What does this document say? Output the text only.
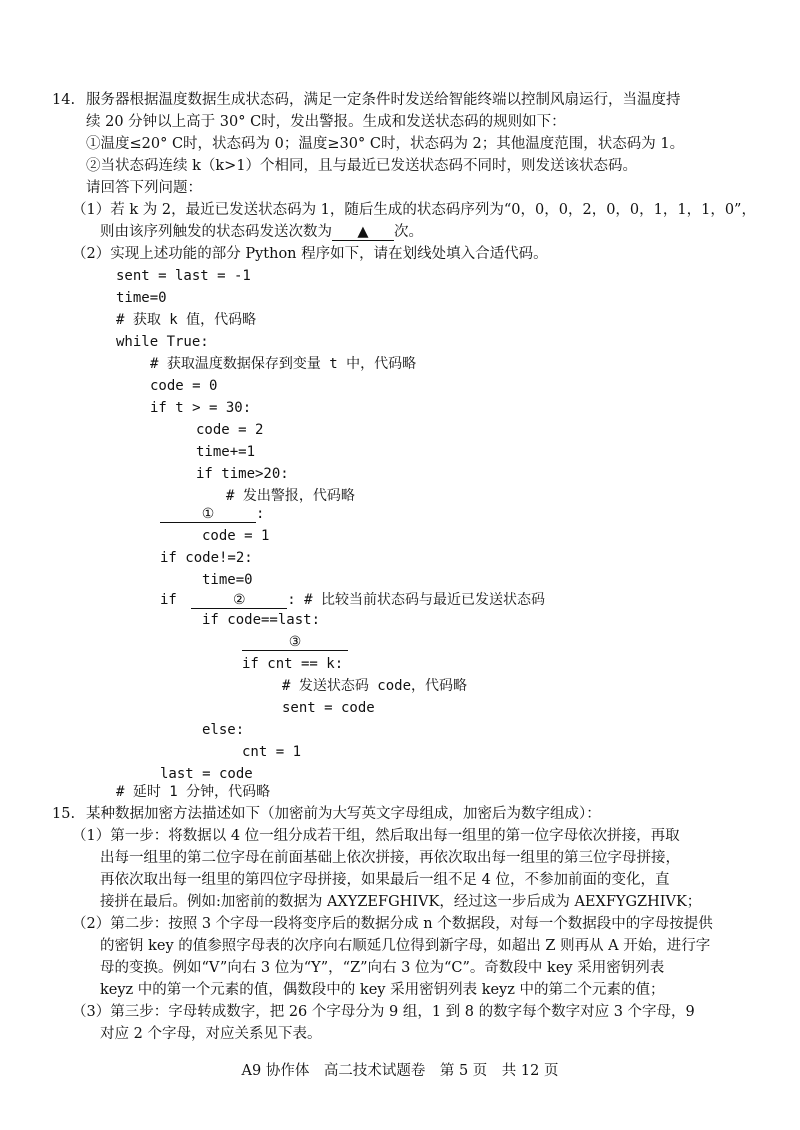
14. 服务器根据温度数据生成状态码，满足一定条件时发送给智能终端以控制风扇运行，当温度持
续 20 分钟以上高于 30° C时，发出警报。生成和发送状态码的规则如下：
①温度≤20° C时，状态码为 0；温度≥30° C时，状态码为 2；其他温度范围，状态码为 1。
②当状态码连续 k（k>1）个相同，且与最近已发送状态码不同时，则发送该状态码。
请回答下列问题：
（1）若 k 为 2，最近已发送状态码为 1，随后生成的状态码序列为“0，0，0，2，0，0，1，1，1，0”，
则由该序列触发的状态码发送次数为 ▲ 次。
（2）实现上述功能的部分 Python 程序如下，请在划线处填入合适代码。
sent = last = -1
time=0
# 获取 k 值，代码略
while True:
# 获取温度数据保存到变量 t 中，代码略
code = 0
if t > = 30:
code = 2
time+=1
if time>20:
# 发出警报，代码略
①	:
code = 1
if code!=2:
time=0
if	②	: # 比较当前状态码与最近已发送状态码
if code==last:
③
if cnt == k:
# 发送状态码 code，代码略
sent = code
else:
cnt = 1
last = code
# 延时 1 分钟，代码略
15. 某种数据加密方法描述如下（加密前为大写英文字母组成，加密后为数字组成）：
（1）第一步：将数据以 4 位一组分成若干组，然后取出每一组里的第一位字母依次拼接，再取
出每一组里的第二位字母在前面基础上依次拼接，再依次取出每一组里的第三位字母拼接，
再依次取出每一组里的第四位字母拼接，如果最后一组不足 4 位，不参加前面的变化，直
接拼在最后。例如:加密前的数据为 AXYZEFGHIVK，经过这一步后成为 AEXFYGZHIVK；
（2）第二步：按照 3 个字母一段将变序后的数据分成 n 个数据段，对每一个数据段中的字母按提供
的密钥 key 的值参照字母表的次序向右顺延几位得到新字母，如超出 Z 则再从 A 开始，进行字
母的变换。例如“V”向右 3 位为“Y”，“Z”向右 3 位为“C”。奇数段中 key 采用密钥列表
keyz 中的第一个元素的值，偶数段中的 key 采用密钥列表 keyz 中的第二个元素的值；
（3）第三步：字母转成数字，把 26 个字母分为 9 组，1 到 8 的数字每个数字对应 3 个字母，9
对应 2 个字母，对应关系见下表。
A9 协作体　高二技术试题卷　第 5 页　共 12 页
